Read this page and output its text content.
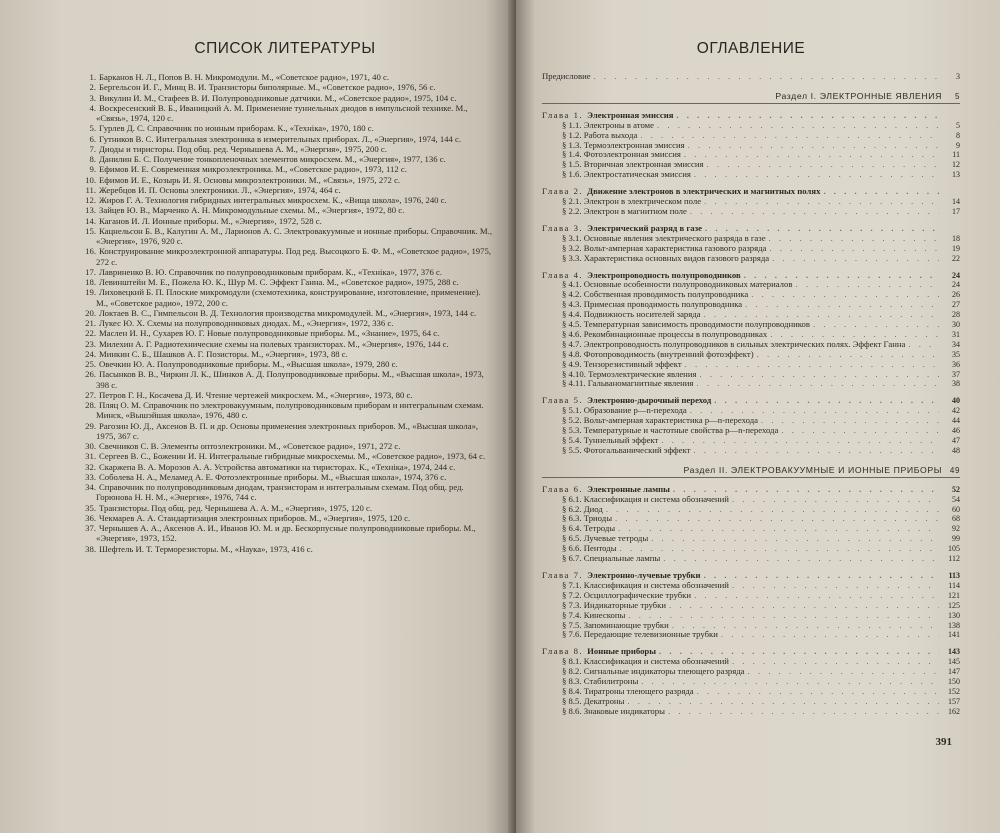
СПИСОК ЛИТЕРАТУРЫ

1. Барканов Н. Л., Попов В. Н. Микромодули. М., «Советское радио», 1971, 40 с.

2. Бергельсон И. Г., Минц В. И. Транзисторы биполярные. М., «Советское радио», 1976, 56 с.

3. Викулин И. М., Стафеев В. И. Полупроводниковые датчики. М., «Советское радио», 1975, 104 с.

4. Воскресенский В. Б., Иваницкий А. М. Применение туннельных диодов в импульсной технике. М., «Связь», 1974, 120 с.

5. Гурлев Д. С. Справочник по ионным приборам. К., «Техніка», 1970, 180 с.

6. Гутников В. С. Интегральная электроника в измерительных приборах. Л., «Энергия», 1974, 144 с.

7. Диоды и тиристоры. Под общ. ред. Чернышева А. М., «Энергия», 1975, 200 с.

8. Данилин Б. С. Получение тонкопленочных элементов микросхем. М., «Энергия», 1977, 136 с.

9. Ефимов И. Е. Современная микроэлектроника. М., «Советское радио», 1973, 112 с.

10. Ефимов И. Е., Козырь И. Я. Основы микроэлектроники. М., «Связь», 1975, 272 с.

11. Жеребцов И. П. Основы электроники. Л., «Энергия», 1974, 464 с.

12. Жиров Г. А. Технология гибридных интегральных микросхем. К., «Вища школа», 1976, 240 с.

13. Зайцев Ю. В., Марченко А. Н. Микромодульные схемы. М., «Энергия», 1972, 80 с.

14. Каганов И. Л. Ионные приборы. М., «Энергия», 1972, 528 с.

15. Кацнельсон Б. В., Калугин А. М., Ларионов А. С. Электровакуумные и ионные приборы. Справочник. М., «Энергия», 1976, 920 с.

16. Конструирование микроэлектронной аппаратуры. Под ред. Высоцкого Б. Ф. М., «Советское радио», 1975, 272 с.

17. Лавриненко В. Ю. Справочник по полупроводниковым приборам. К., «Техніка», 1977, 376 с.

18. Левинштейн М. Е., Пожела Ю. К., Шур М. С. Эффект Ганна. М., «Советское радио», 1975, 288 с.

19. Лиховецкий Б. П. Плоские микромодули (схемотехника, конструирование, изготовление, применение). М., «Советское радио», 1972, 200 с.

20. Локтаев В. С., Гимпельсон В. Д. Технология производства микромодулей. М., «Энергия», 1973, 144 с.

21. Лукес Ю. Х. Схемы на полупроводниковых диодах. М., «Энергия», 1972, 336 с.

22. Маслен И. Н., Сухарев Ю. Г. Новые полупроводниковые приборы. М., «Знание», 1975, 64 с.

23. Милехин А. Г. Радиотехнические схемы на полевых транзисторах. М., «Энергия», 1976, 144 с.

24. Минкин С. Б., Шашков А. Г. Позисторы. М., «Энергия», 1973, 88 с.

25. Овечкин Ю. А. Полупроводниковые приборы. М., «Высшая школа», 1979, 280 с.

26. Пасынков В. В., Чиркин Л. К., Шинков А. Д. Полупроводниковые приборы. М., «Высшая школа», 1973, 398 с.

27. Петров Г. Н., Косачева Д. И. Чтение чертежей микросхем. М., «Энергия», 1973, 80 с.

28. Пляц О. М. Справочник по электровакуумным, полупроводниковым приборам и интегральным схемам. Минск, «Вышэйшая школа», 1976, 480 с.

29. Рагозин Ю. Д., Аксенов В. П. и др. Основы применения электронных приборов. М., «Высшая школа», 1975, 367 с.

30. Свечников С. В. Элементы оптоэлектроники. М., «Советское радио», 1971, 272 с.

31. Сергеев В. С., Боженин И. Н. Интегральные гибридные микросхемы. М., «Советское радио», 1973, 64 с.

32. Скаржепа В. А. Морозов А. А. Устройства автоматики на тиристорах. К., «Техніка», 1974, 244 с.

33. Соболева Н. А., Меламед А. Е. Фотоэлектронные приборы. М., «Высшая школа», 1974, 376 с.

34. Справочник по полупроводниковым диодам, транзисторам и интегральным схемам. Под общ. ред. Горюнова Н. Н. М., «Энергия», 1976, 744 с.

35. Транзисторы. Под общ. ред. Чернышева А. А. М., «Энергия», 1975, 120 с.

36. Чекмарев А. А. Стандартизация электронных приборов. М., «Энергия», 1975, 120 с.

37. Чернышев А. А., Аксенов А. И., Иванов Ю. М. и др. Бескорпусные полупроводниковые приборы. М., «Энергия», 1973, 152.

38. Шефтель И. Т. Терморезисторы. М., «Наука», 1973, 416 с.

ОГЛАВЛЕНИЕ
Предисловие . . .	3
Раздел I. ЭЛЕКТРОННЫЕ ЯВЛЕНИЯ	5
Глава 1. Электронная эмиссия
. . .
§ 1.1. Электроны в атоме . . .	5
§ 1.2. Работа выхода . . .	8
§ 1.3. Термоэлектронная эмиссия . . .	9
§ 1.4. Фотоэлектронная эмиссия . . .	11
§ 1.5. Вторичная электронная эмиссия . . .	12
§ 1.6. Электростатическая эмиссия . . .	13
Глава 2. Движение электронов в электрических и магнитных полях
. . .
§ 2.1. Электрон в электрическом поле . . .	14
§ 2.2. Электрон в магнитном поле . . .	17
Глава 3. Электрический разряд в газе
. . .
§ 3.1. Основные явления электрического разряда в газе . . .	18
§ 3.2. Вольт-амперная характеристика газового разряда . . .	19
§ 3.3. Характеристика основных видов газового разряда . . .	22
Глава 4. Электропроводность полупроводников . . .	24
§ 4.1. Основные особенности полупроводниковых материалов . . .	24
§ 4.2. Собственная проводимость полупроводника . . .	26
§ 4.3. Примесная проводимость полупроводника . . .	27
§ 4.4. Подвижность носителей заряда . . .	28
§ 4.5. Температурная зависимость проводимости полупроводников . . .	30
§ 4.6. Рекомбинационные процессы в полупроводниках . . .	31
§ 4.7. Электропроводность полупроводников в сильных электрических полях. Эффект Ганна . . .	34
§ 4.8. Фотопроводимость (внутренний фотоэффект) . . .	35
§ 4.9. Тензорезистивный эффект . . .	36
§ 4.10. Термоэлектрические явления . . .	37
§ 4.11. Гальваномагнитные явления . . .	38
Глава 5. Электронно-дырочный переход . . .	40
§ 5.1. Образование p—n-перехода . . .	42
§ 5.2. Вольт-амперная характеристика p—n-перехода . . .	44
§ 5.3. Температурные и частотные свойства p—n-перехода . . .	46
§ 5.4. Туннельный эффект . . .	47
§ 5.5. Фотогальванический эффект . . .	48
Раздел II. ЭЛЕКТРОВАКУУМНЫЕ И ИОННЫЕ ПРИБОРЫ 49
Глава 6. Электронные лампы . . .	52
§ 6.1. Классификация и система обозначений . . .	54
§ 6.2. Диод . . .	60
§ 6.3. Триоды . . .	68
§ 6.4. Тетроды . . .	92
§ 6.5. Лучевые тетроды . . .	99
§ 6.6. Пентоды . . .	105
§ 6.7. Специальные лампы . . .	112
Глава 7. Электронно-лучевые трубки . . .	113
§ 7.1. Классификация и система обозначений . . .	114
§ 7.2. Осциллографические трубки . . .	121
§ 7.3. Индикаторные трубки . . .	125
§ 7.4. Кинескопы . . .	130
§ 7.5. Запоминающие трубки . . .	138
§ 7.6. Передающие телевизионные трубки . . .	141
Глава 8. Ионные приборы . . .	143
§ 8.1. Классификация и система обозначений . . .	145
§ 8.2. Сигнальные индикаторы тлеющего разряда . . .	147
§ 8.3. Стабилитроны . . .	150
§ 8.4. Тиратроны тлеющего разряда . . .	152
§ 8.5. Декатроны . . .	157
§ 8.6. Знаковые индикаторы . . .	162
391
